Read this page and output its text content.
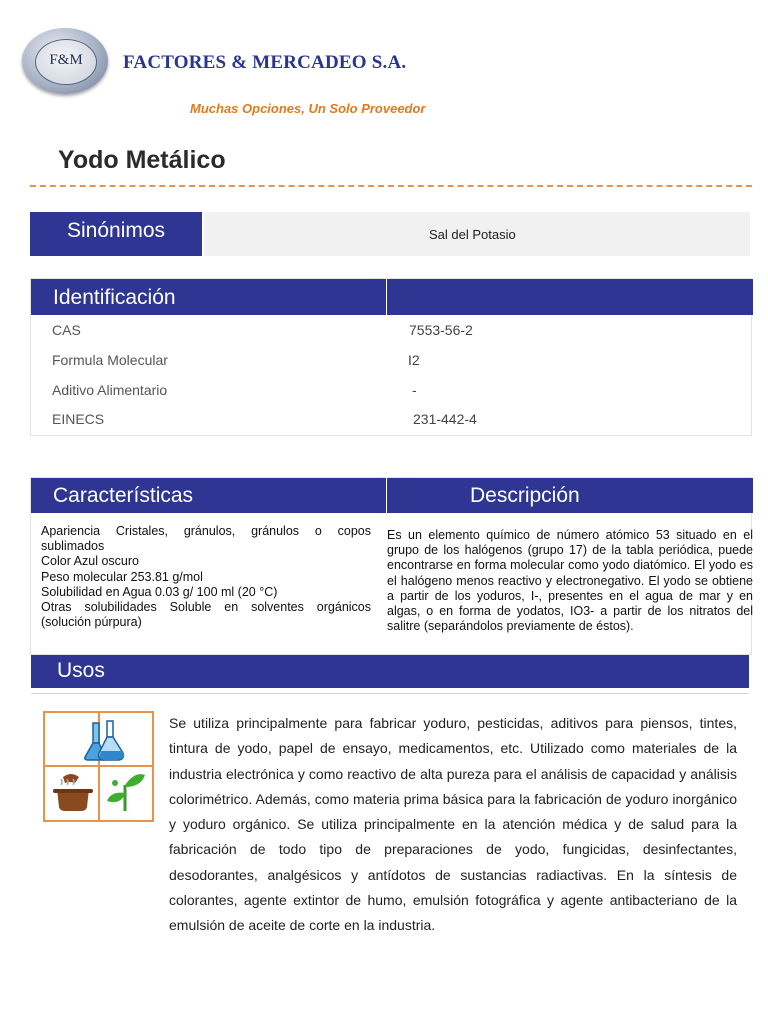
F&M	FACTORES & MERCADEO S.A.
Muchas Opciones, Un Solo Proveedor
Yodo Metálico
Sinónimos	Sal del Potasio
Identificación
CAS	7553-56-2
Formula Molecular	I2
Aditivo Alimentario	-
EINECS	231-442-4
Características	Descripción
Apariencia Cristales, gránulos, gránulos o copos sublimados
Color Azul oscuro
Peso molecular 253.81 g/mol
Solubilidad en Agua 0.03 g/ 100 ml (20 °C)
Otras solubilidades Soluble en solventes orgánicos (solución púrpura)
Es un elemento químico de número atómico 53 situado en el grupo de los halógenos (grupo 17) de la tabla periódica, puede encontrarse en forma molecular como yodo diatómico. El yodo es el halógeno menos reactivo y electronegativo. El yodo se obtiene a partir de los yoduros, I-, presentes en el agua de mar y en algas, o en forma de yodatos, IO3- a partir de los nitratos del salitre (separándolos previamente de éstos).
Usos
Se utiliza principalmente para fabricar yoduro, pesticidas, aditivos para piensos, tintes, tintura de yodo, papel de ensayo, medicamentos, etc. Utilizado como materiales de la industria electrónica y como reactivo de alta pureza para el análisis de capacidad y análisis colorimétrico. Además, como materia prima básica para la fabricación de yoduro inorgánico y yoduro orgánico. Se utiliza principalmente en la atención médica y de salud para la fabricación de todo tipo de preparaciones de yodo, fungicidas, desinfectantes, desodorantes, analgésicos y antídotos de sustancias radiactivas. En la síntesis de colorantes, agente extintor de humo, emulsión fotográfica y agente antibacteriano de la emulsión de aceite de corte en la industria.
